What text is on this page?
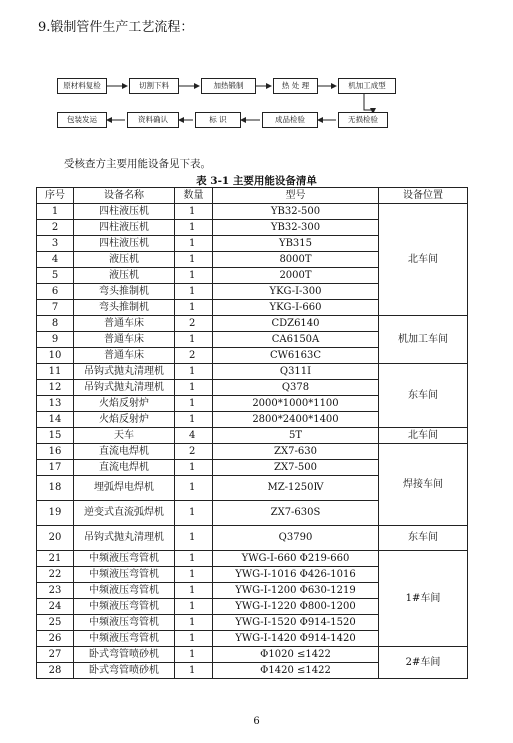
9.锻制管件生产工艺流程：
原材料复检	切割下料	加热锻制	热 处 理	机加工成型
无损检验
成品检验
标 识
资料确认
包装发运
受核查方主要用能设备见下表。
表 3-1 主要用能设备清单
序号	设备名称	数量	型号	设备位置
1	四柱液压机	1	YB32-500	北车间
2	四柱液压机	1	YB32-300	
3	四柱液压机	1	YB315	
4	液压机	1	8000T	
5	液压机	1	2000T	
6	弯头推制机	1	YKG-Ⅰ-300	
7	弯头推制机	1	YKG-Ⅰ-660	
8	普通车床	2	CDZ6140	机加工车间
9	普通车床	1	CA6150A	
10	普通车床	2	CW6163C	
11	吊钩式抛丸清理机	1	Q311Ⅰ	东车间
12	吊钩式抛丸清理机	1	Q378	
13	火焰反射炉	1	2000*1000*1100	
14	火焰反射炉	1	2800*2400*1400	
15	天车	4	5T	北车间
16	直流电焊机	2	ZX7-630	焊接车间
17	直流电焊机	1	ZX7-500	
18	埋弧焊电焊机	1	MZ-1250Ⅳ	
19	逆变式直流弧焊机	1	ZX7-630S	
20	吊钩式抛丸清理机	1	Q3790	东车间
21	中频液压弯管机	1	YWG-Ⅰ-660 Φ219-660	1#车间
22	中频液压弯管机	1	YWG-Ⅰ-1016 Φ426-1016	
23	中频液压弯管机	1	YWG-Ⅰ-1200 Φ630-1219	
24	中频液压弯管机	1	YWG-Ⅰ-1220 Φ800-1200	
25	中频液压弯管机	1	YWG-Ⅰ-1520 Φ914-1520	
26	中频液压弯管机	1	YWG-Ⅰ-1420 Φ914-1420	
27	卧式弯管喷砂机	1	Φ1020 ≤1422	2#车间
28	卧式弯管喷砂机	1	Φ1420 ≤1422	
6
